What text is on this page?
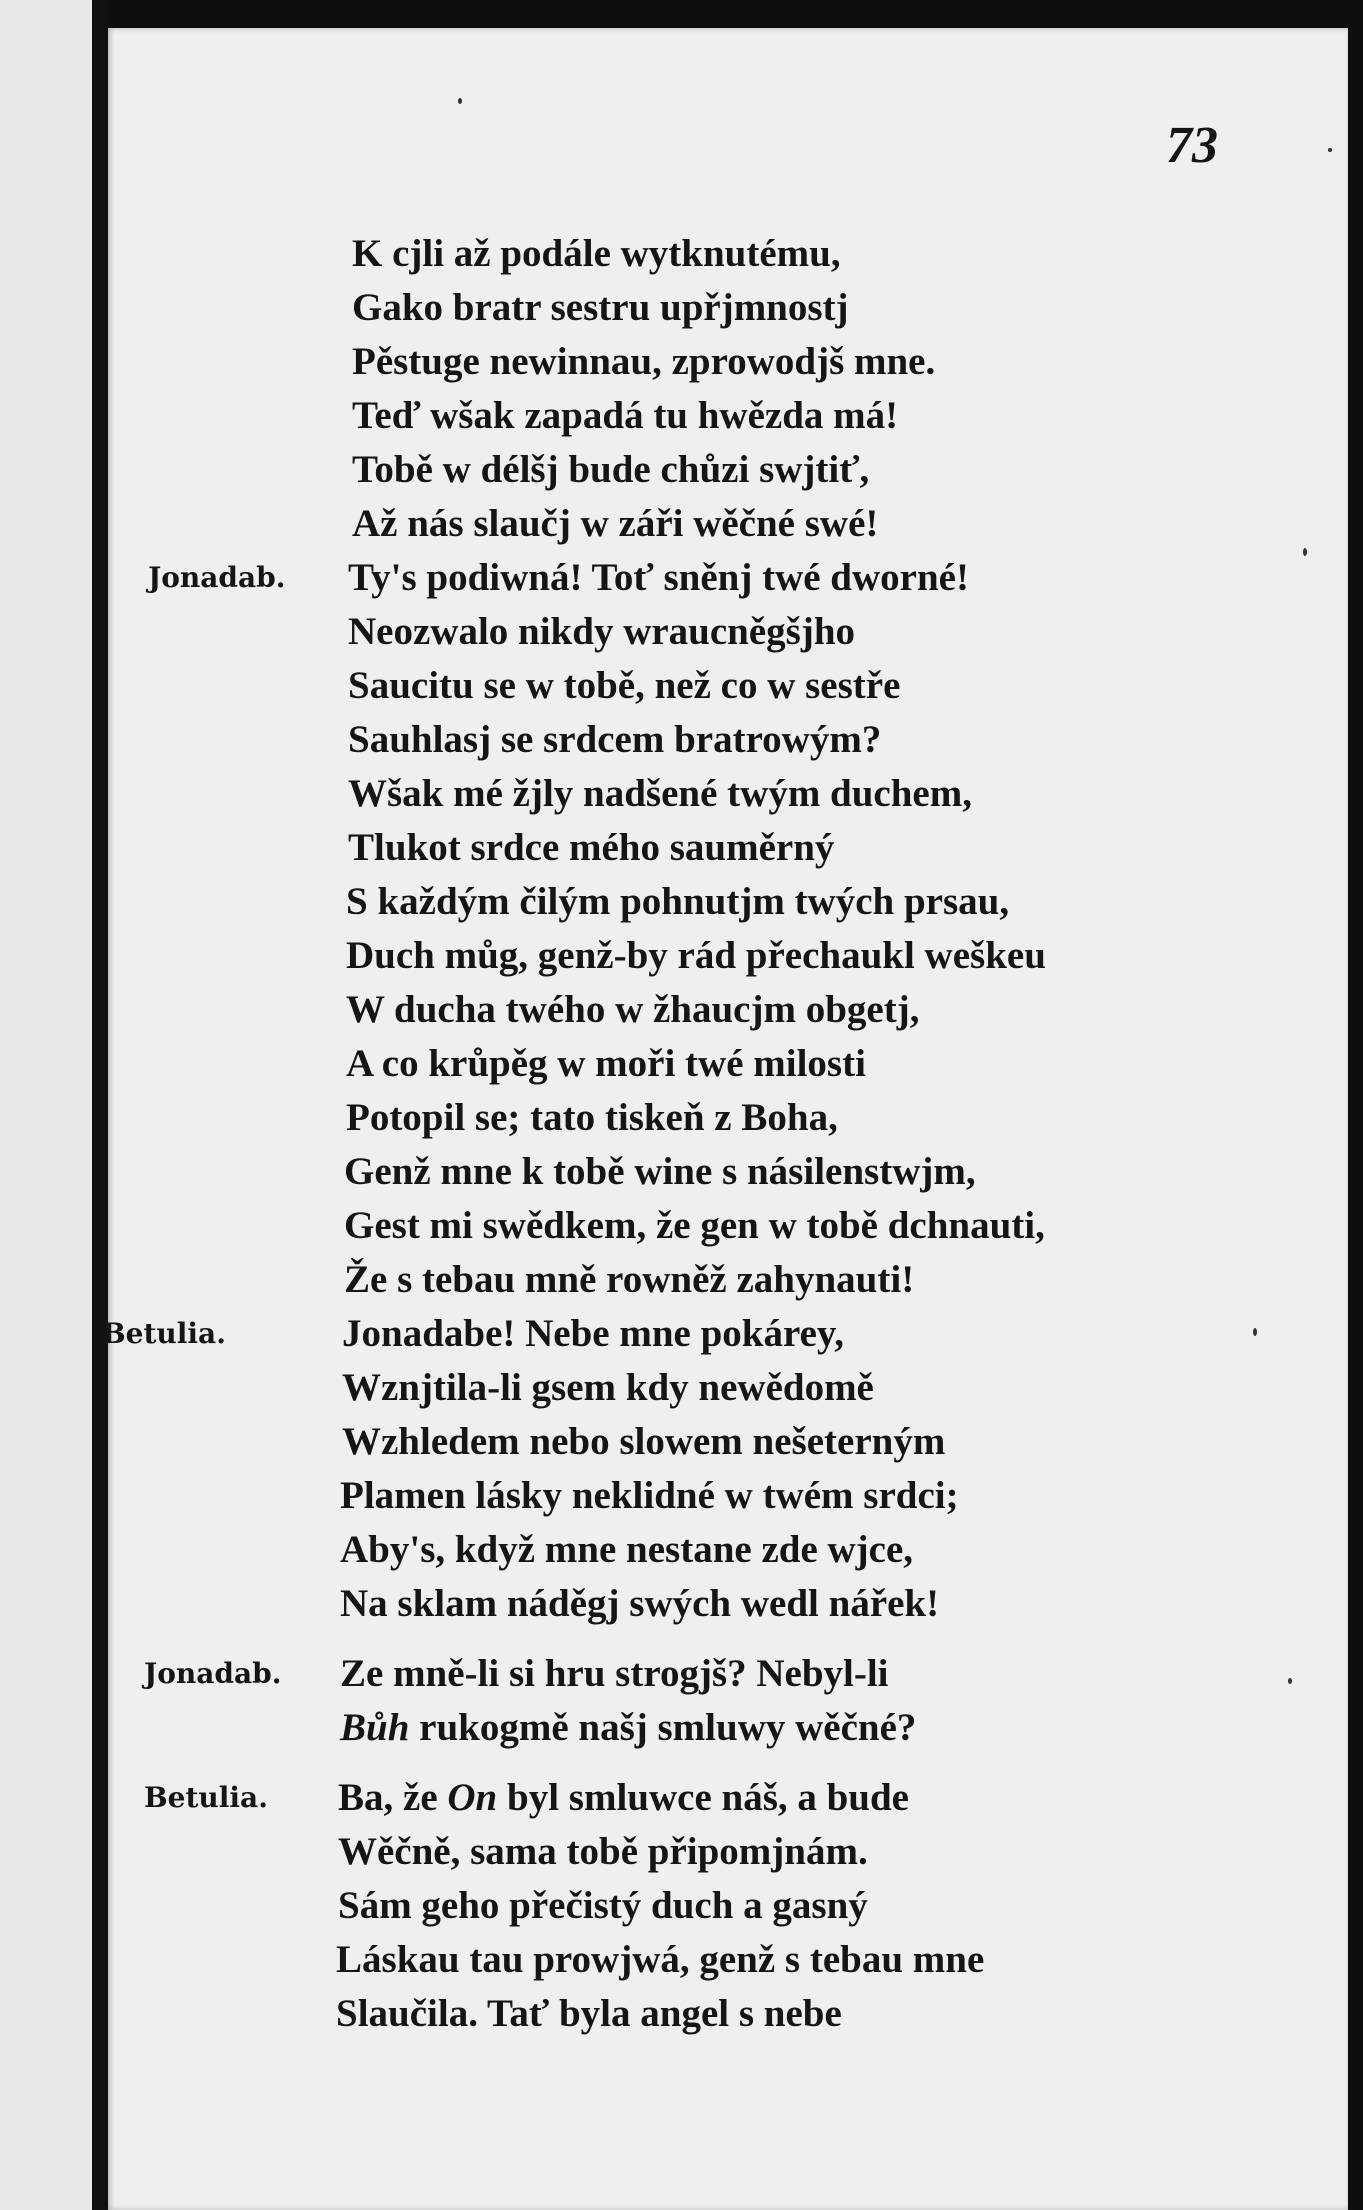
73
K cjli až podále wytknutému,
Gako bratr sestru upřjmnostj
Pěstuge newinnau, zprowodjš mne.
Teď wšak zapadá tu hwězda má!
Tobě w délšj bude chůzi swjtiť,
Až nás slaučj w záři wěčné swé!
Jonadab. Ty's podiwná! Toť sněnj twé dworné!
Neozwalo nikdy wraucněgšjho
Saucitu se w tobě, než co w sestře
Sauhlasj se srdcem bratrowým?
Wšak mé žjly nadšené twým duchem,
Tlukot srdce mého sauměrný
S každým čilým pohnutjm twých prsau,
Duch můg, genž-by rád přechaukl weškeu
W ducha twého w žhaucjm obgetj,
A co krůpěg w moři twé milosti
Potopil se; tato tiskeň z Boha,
Genž mne k tobě wine s násilenstwjm,
Gest mi swědkem, že gen w tobě dchnauti,
Že s tebau mně rowněž zahynauti!
Betulia.	Jonadabe! Nebe mne pokárey,
Wznjtila-li gsem kdy newědomě
Wzhledem nebo slowem nešeterným
Plamen lásky neklidné w twém srdci;
Aby's, když mne nestane zde wjce,
Na sklam náděgj swých wedl nářek!
Jonadab. Ze mně-li si hru strogjš? Nebyl-li
Bůh rukogmě našj smluwy wěčné?
Betulia. Ba, že On byl smluwce náš, a bude
Wěčně, sama tobě připomjnám.
Sám geho přečistý duch a gasný
Láskau tau prowjwá, genž s tebau mne
Slaučila. Tať byla angel s nebe
